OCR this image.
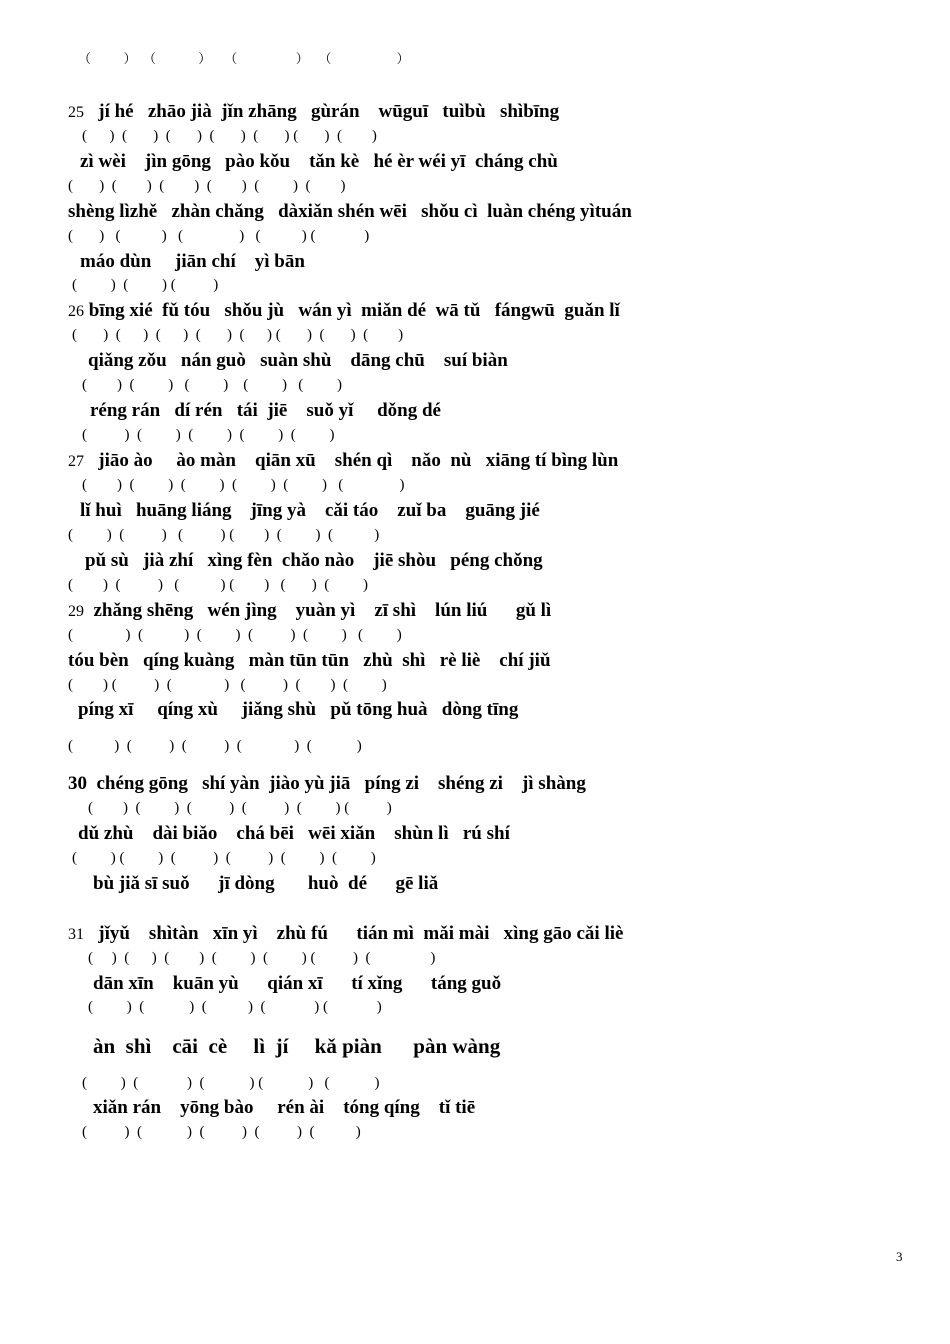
（          ）  （             ）    （                  ）   （                    ）
25 jí hé   zhāo jià  jǐn zhāng   gùrán    wūguī   tuìbù   shìbīng
(      )  (       )  (       )  (       )  (       ) (       )  (        )
zì wèi    jìn gōng   pào kǒu    tǎn kè   hé èr wéi yī  cháng chù
(       )  (        )  (        )  (        )  (         )  (        )
shèng lìzhě   zhàn chǎng   dàxiǎn shén wēi   shǒu cì  luàn chéng yìtuán
(       )   (           )   (               )   (           ) (             )
máo dùn     jiān chí    yì bān
(         )  (         ) (          )
26 bīng xié  fǔ tóu   shǒu jù   wán yì  miǎn dé  wā tǔ   fángwū  guǎn lǐ
(       )  (      )  (      )  (       )  (      ) (       )  (       )  (        )
qiǎng zǒu   nán guò   suàn shù    dāng chū    suí biàn
(        )  (         )   (         )    (         )   (         )
réng rán   dí rén   tái  jiē    suǒ yǐ     dǒng dé
(          )  (         )  (         )  (         )  (         )
27 jiāo ào     ào màn    qiān xū    shén qì    nǎo  nù   xiāng tí bìng lùn
(        )  (         )  (         )  (         )  (         )   (               )
lǐ huì   huāng liáng    jīng yà    cǎi táo    zuǐ ba    guāng jié
(         )  (          )   (          ) (        )  (         )  (           )
pǔ sù   jià zhí   xìng fèn  chǎo nào    jiē shòu   péng chǒng
(        )  (          )   (           ) (        )   (       )  (         )
29 zhǎng shēng   wén jìng    yuàn yì    zī shì    lún liú      gǔ lì
(              )  (           )  (         )  (          )  (         )   (         )
tóu bèn   qíng kuàng   màn tūn tūn   zhù  shì   rè liè    chí jiǔ
(        ) (          )  (              )   (          )  (        )  (         )
píng xī     qíng xù     jiǎng shù   pǔ tōng huà   dòng tīng
(           )  (          )  (          )  (              )  (            )
30 chéng gōng   shí yàn  jiào yù jiā   píng zi    shéng zi    jì shàng
(        )  (         )  (          )  (          )  (         ) (          )
dǔ zhù    dài biǎo    chá bēi   wēi xiǎn    shùn lì   rú shí
(         ) (         )  (          )  (          )  (         )  (         )
bù jiǎ sī suǒ      jī dòng       huò  dé      gē liǎ
31 jǐyǔ    shìtàn   xīn yì    zhù fú      tián mì  mǎi mài   xìng gāo cǎi liè
(     )  (      )  (        )  (         )  (         ) (          )  (                )
dān xīn    kuān yù      qián xī      tí xǐng      táng guǒ
(         )  (            )  (           )  (             ) (             )
àn  shì    cāi  cè     lì  jí     kǎ piàn      pàn wàng
(         )  (             )  (            ) (            )   (            )
xiǎn rán    yōng bào     rén ài    tóng qíng    tǐ tiē
(          )  (            )  (          )  (          )  (           )
3
